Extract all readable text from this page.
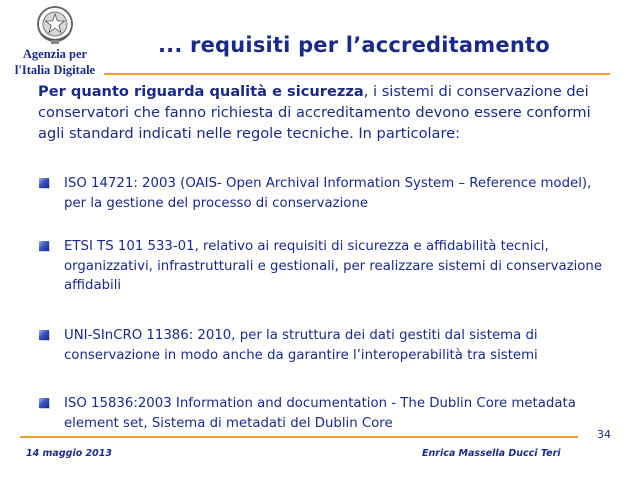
Agenzia per
l'Italia Digitale
... requisiti per l’accreditamento
Per quanto riguarda qualità e sicurezza, i sistemi di conservazione dei conservatori che fanno richiesta di accreditamento devono essere conformi agli standard indicati nelle regole tecniche. In particolare:
ISO 14721: 2003 (OAIS- Open Archival Information System – Reference model), per la gestione del processo di conservazione
ETSI TS 101 533-01, relativo ai requisiti di sicurezza e affidabilità tecnici, organizzativi, infrastrutturali e gestionali, per realizzare sistemi di conservazione affidabili
UNI-SInCRO 11386: 2010, per la struttura dei dati gestiti dal sistema di conservazione in modo anche da garantire l’interoperabilità tra sistemi
ISO 15836:2003 Information and documentation - The Dublin Core metadata element set, Sistema di metadati del Dublin Core
34
14 maggio 2013	Enrica Massella Ducci Teri
